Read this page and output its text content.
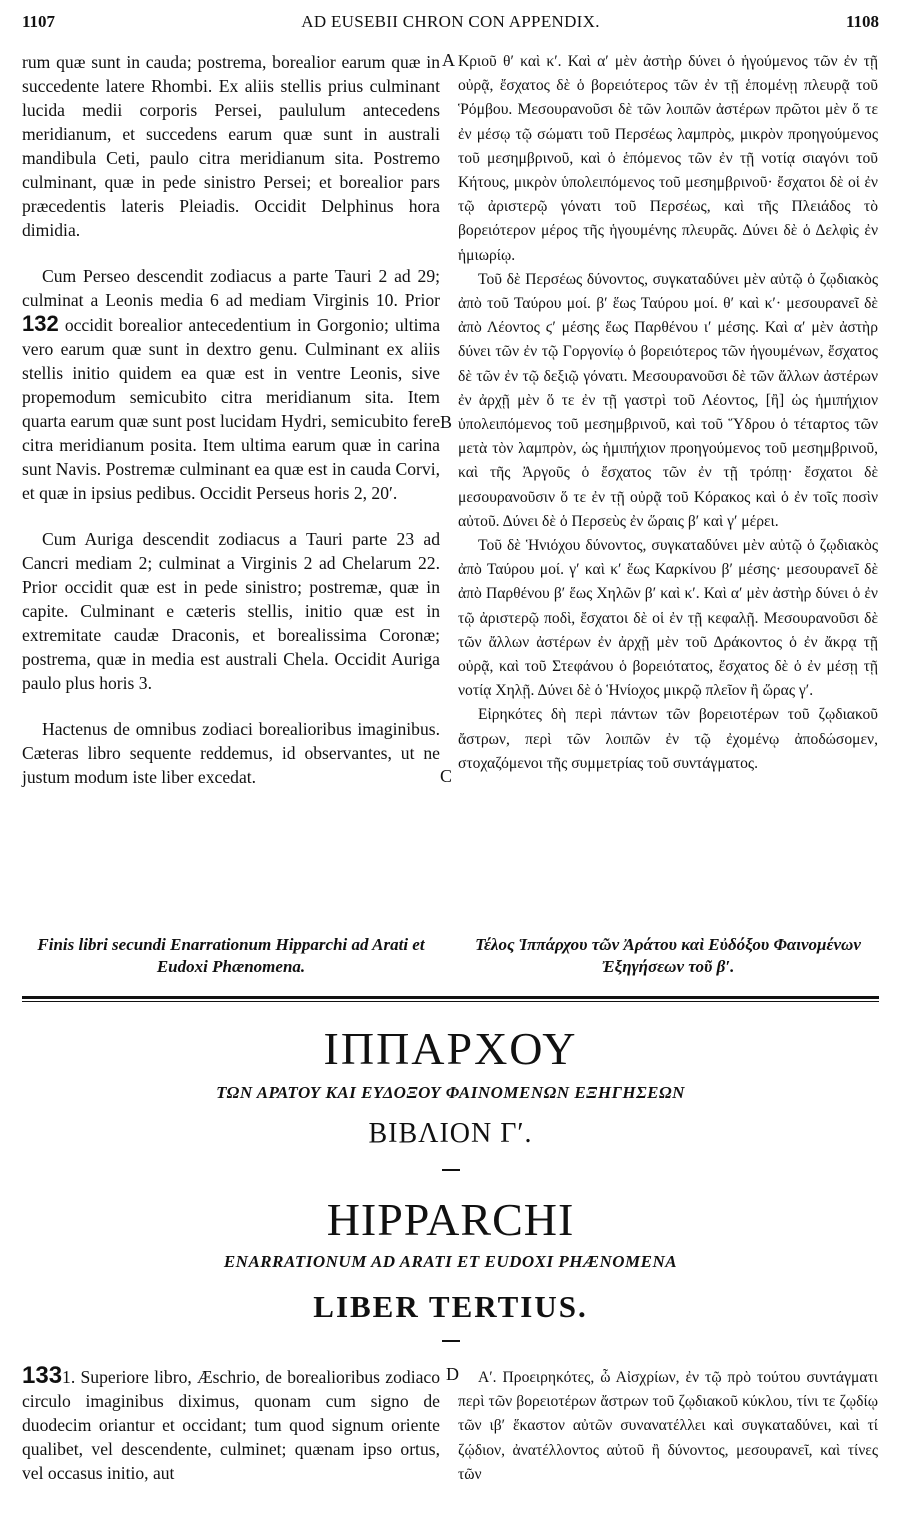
1107	AD EUSEBII CHRON CON APPENDIX.	1108

rum quæ sunt in cauda; postrema, borealior earum quæ in succedente latere Rhombi. Ex aliis stellis prius culminant lucida medii corporis Persei, paululum antecedens meridianum, et succedens earum quæ sunt in australi mandibula Ceti, paulo citra meridianum sita. Postremo culminant, quæ in pede sinistro Persei; et borealior pars præcedentis lateris Pleiadis. Occidit Delphinus hora dimidia.

Cum Perseo descendit zodiacus a parte Tauri 2 ad 29; culminat a Leonis media 6 ad mediam Virginis 10. Prior 132 occidit borealior antecedentium in Gorgonio; ultima vero earum quæ sunt in dextro genu. Culminant ex aliis stellis initio quidem ea quæ est in ventre Leonis, sive propemodum semicubito citra meridianum sita. Item quarta earum quæ sunt post lucidam Hydri, semicubito fere citra meridianum posita. Item ultima earum quæ in carina sunt Navis. Postremæ culminant ea quæ est in cauda Corvi, et quæ in ipsius pedibus. Occidit Perseus horis 2, 20′.

Cum Auriga descendit zodiacus a Tauri parte 23 ad Cancri mediam 2; culminat a Virginis 2 ad Chelarum 22. Prior occidit quæ est in pede sinistro; postremæ, quæ in capite. Culminant e cæteris stellis, initio quæ est in extremitate caudæ Draconis, et borealissima Coronæ; postrema, quæ in media est australi Chela. Occidit Auriga paulo plus horis 3.

Hactenus de omnibus zodiaci borealioribus imaginibus. Cæteras libro sequente reddemus, id observantes, ut ne justum modum iste liber excedat.

A
B
C
D

Κριοῦ θ′ καὶ κ′. Καὶ α′ μὲν ἀστὴρ δύνει ὁ ἡγούμενος τῶν ἐν τῇ οὐρᾷ, ἔσχατος δὲ ὁ βορειότερος τῶν ἐν τῇ ἑπομένῃ πλευρᾷ τοῦ Ῥόμβου. Μεσουρανοῦσι δὲ τῶν λοιπῶν ἀστέρων πρῶτοι μὲν ὅ τε ἐν μέσῳ τῷ σώματι τοῦ Περσέως λαμπρὸς, μικρὸν προηγούμενος τοῦ μεσημβρινοῦ, καὶ ὁ ἑπόμενος τῶν ἐν τῇ νοτίᾳ σιαγόνι τοῦ Κήτους, μικρὸν ὑπολειπόμενος τοῦ μεσημβρινοῦ· ἔσχατοι δὲ οἱ ἐν τῷ ἀριστερῷ γόνατι τοῦ Περσέως, καὶ τῆς Πλειάδος τὸ βορειότερον μέρος τῆς ἡγουμένης πλευρᾶς. Δύνει δὲ ὁ Δελφὶς ἐν ἡμιωρίῳ.

Τοῦ δὲ Περσέως δύνοντος, συγκαταδύνει μὲν αὐτῷ ὁ ζῳδιακὸς ἀπὸ τοῦ Ταύρου μοί. β′ ἕως Ταύρου μοί. θ′ καὶ κ′· μεσουρανεῖ δὲ ἀπὸ Λέοντος ϛ′ μέσης ἕως Παρθένου ι′ μέσης. Καὶ α′ μὲν ἀστὴρ δύνει τῶν ἐν τῷ Γοργονίῳ ὁ βορειότερος τῶν ἡγουμένων, ἔσχατος δὲ τῶν ἐν τῷ δεξιῷ γόνατι. Μεσουρανοῦσι δὲ τῶν ἄλλων ἀστέρων ἐν ἀρχῇ μὲν ὅ τε ἐν τῇ γαστρὶ τοῦ Λέοντος, [ἢ] ὡς ἡμιπήχιον ὑπολειπόμενος τοῦ μεσημβρινοῦ, καὶ τοῦ Ὕδρου ὁ τέταρτος τῶν μετὰ τὸν λαμπρὸν, ὡς ἡμιπήχιον προηγούμενος τοῦ μεσημβρινοῦ, καὶ τῆς Ἀργοῦς ὁ ἔσχατος τῶν ἐν τῇ τρόπῃ· ἔσχατοι δὲ μεσουρανοῦσιν ὅ τε ἐν τῇ οὐρᾷ τοῦ Κόρακος καὶ ὁ ἐν τοῖς ποσὶν αὐτοῦ. Δύνει δὲ ὁ Περσεὺς ἐν ὥραις β′ καὶ γ′ μέρει.

Τοῦ δὲ Ἡνιόχου δύνοντος, συγκαταδύνει μὲν αὐτῷ ὁ ζῳδιακὸς ἀπὸ Ταύρου μοί. γ′ καὶ κ′ ἕως Καρκίνου β′ μέσης· μεσουρανεῖ δὲ ἀπὸ Παρθένου β′ ἕως Χηλῶν β′ καὶ κ′. Καὶ α′ μὲν ἀστὴρ δύνει ὁ ἐν τῷ ἀριστερῷ ποδὶ, ἔσχατοι δὲ οἱ ἐν τῇ κεφαλῇ. Μεσουρανοῦσι δὲ τῶν ἄλλων ἀστέρων ἐν ἀρχῇ μὲν τοῦ Δράκοντος ὁ ἐν ἄκρᾳ τῇ οὐρᾷ, καὶ τοῦ Στεφάνου ὁ βορειότατος, ἔσχατος δὲ ὁ ἐν μέσῃ τῇ νοτίᾳ Χηλῇ. Δύνει δὲ ὁ Ἡνίοχος μικρῷ πλεῖον ἢ ὥρας γ′.

Εἰρηκότες δὴ περὶ πάντων τῶν βορειοτέρων τοῦ ζῳδιακοῦ ἄστρων, περὶ τῶν λοιπῶν ἐν τῷ ἐχομένῳ ἀποδώσομεν, στοχαζόμενοι τῆς συμμετρίας τοῦ συντάγματος.

Finis libri secundi Enarrationum Hipparchi ad Arati et Eudoxi Phænomena.
Τέλος Ἱππάρχου τῶν Ἀράτου καὶ Εὐδόξου Φαινομένων Ἐξηγήσεων τοῦ β′.
ΙΠΠΑΡΧΟΥ
ΤΩΝ ΑΡΑΤΟΥ ΚΑΙ ΕΥΔΟΞΟΥ ΦΑΙΝΟΜΕΝΩΝ ΕΞΗΓΗΣΕΩΝ
ΒΙΒΛΙΟΝ Γ′.
HIPPARCHI
ENARRATIONUM AD ARATI ET EUDOXI PHÆNOMENA
LIBER TERTIUS.

1331. Superiore libro, Æschrio, de borealioribus zodiaco circulo imaginibus diximus, quonam cum signo de duodecim oriantur et occidant; tum quod signum oriente qualibet, vel descendente, culminet; quænam ipso ortus, vel occasus initio, aut

Α′. Προειρηκότες, ὦ Αἰσχρίων, ἐν τῷ πρὸ τούτου συντάγματι περὶ τῶν βορειοτέρων ἄστρων τοῦ ζῳδιακοῦ κύκλου, τίνι τε ζῳδίῳ τῶν ιβ′ ἕκαστον αὐτῶν συνανατέλλει καὶ συγκαταδύνει, καὶ τί ζῴδιον, ἀνατέλλοντος αὐτοῦ ἢ δύνοντος, μεσουρανεῖ, καὶ τίνες τῶν
